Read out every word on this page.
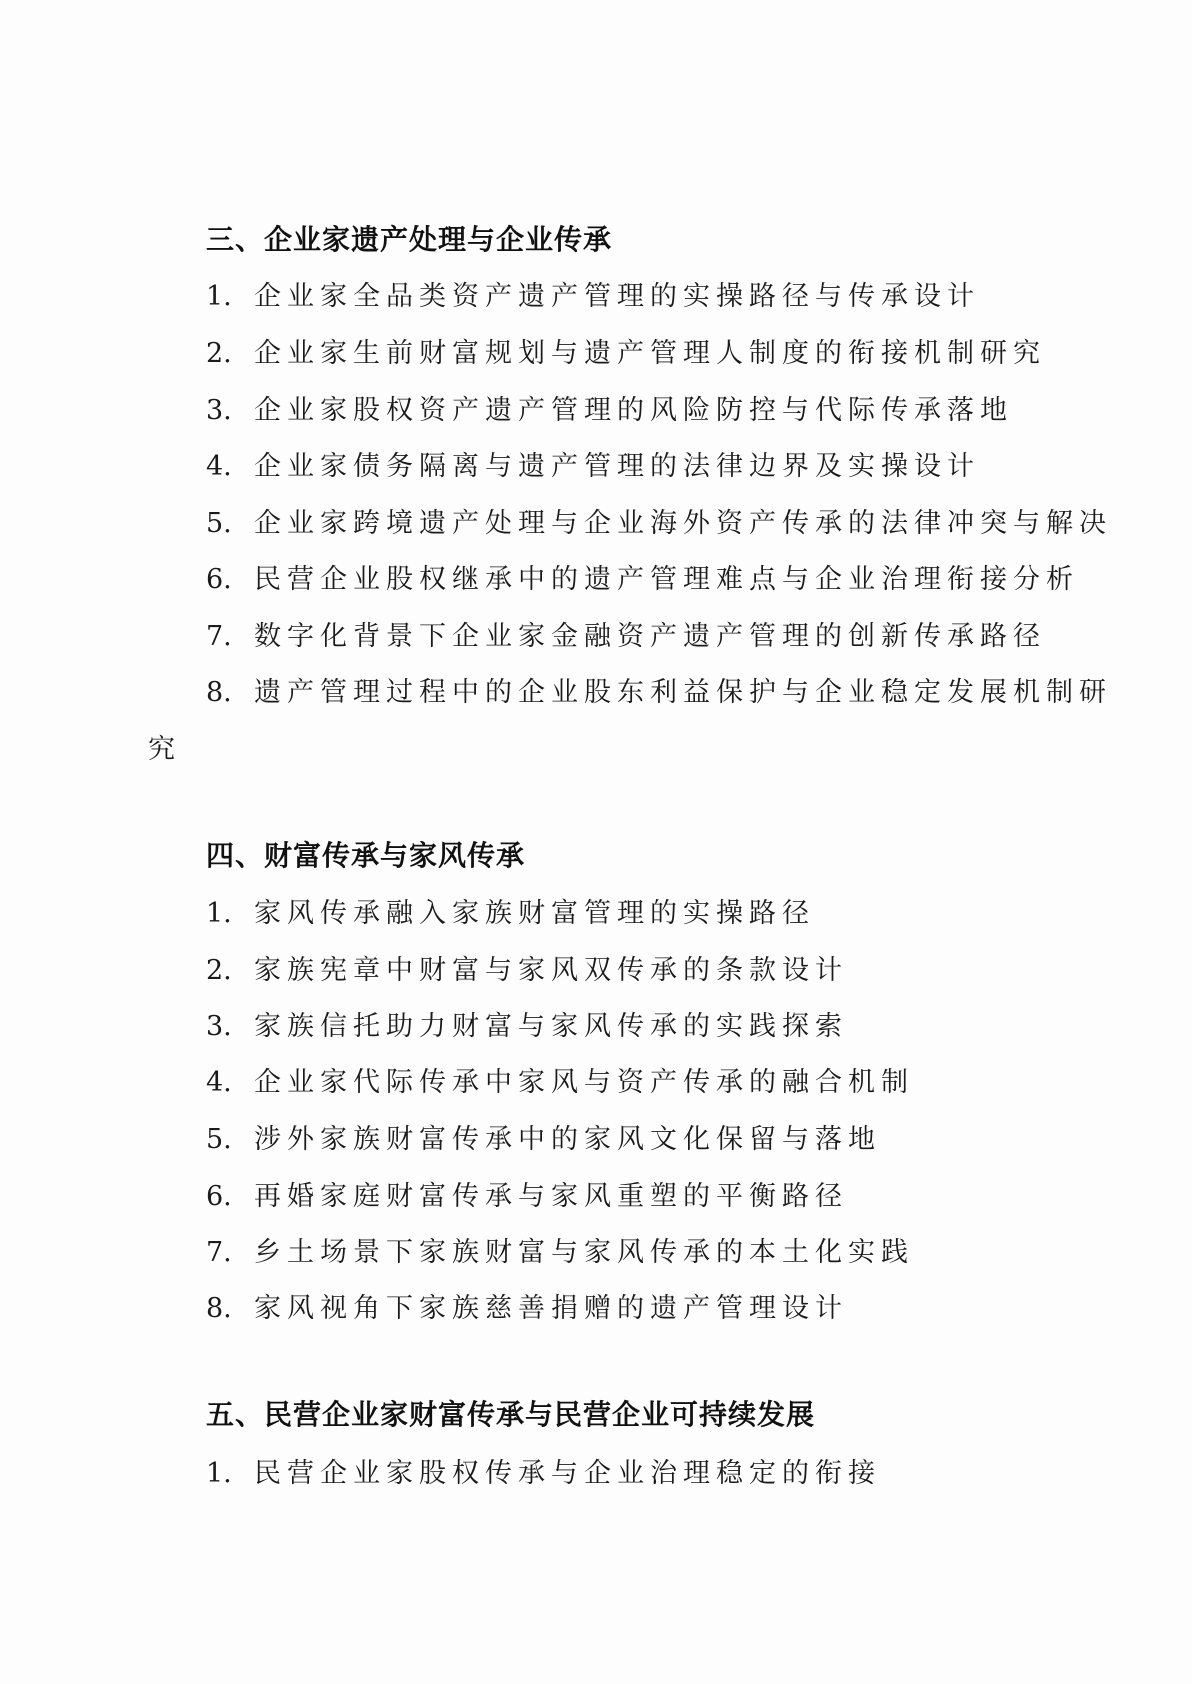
三、企业家遗产处理与企业传承
1. 企业家全品类资产遗产管理的实操路径与传承设计
2. 企业家生前财富规划与遗产管理人制度的衔接机制研究
3. 企业家股权资产遗产管理的风险防控与代际传承落地
4. 企业家债务隔离与遗产管理的法律边界及实操设计
5. 企业家跨境遗产处理与企业海外资产传承的法律冲突与解决
6. 民营企业股权继承中的遗产管理难点与企业治理衔接分析
7. 数字化背景下企业家金融资产遗产管理的创新传承路径
8. 遗产管理过程中的企业股东利益保护与企业稳定发展机制研
究
四、财富传承与家风传承
1. 家风传承融入家族财富管理的实操路径
2. 家族宪章中财富与家风双传承的条款设计
3. 家族信托助力财富与家风传承的实践探索
4. 企业家代际传承中家风与资产传承的融合机制
5. 涉外家族财富传承中的家风文化保留与落地
6. 再婚家庭财富传承与家风重塑的平衡路径
7. 乡土场景下家族财富与家风传承的本土化实践
8. 家风视角下家族慈善捐赠的遗产管理设计
五、民营企业家财富传承与民营企业可持续发展
1. 民营企业家股权传承与企业治理稳定的衔接
